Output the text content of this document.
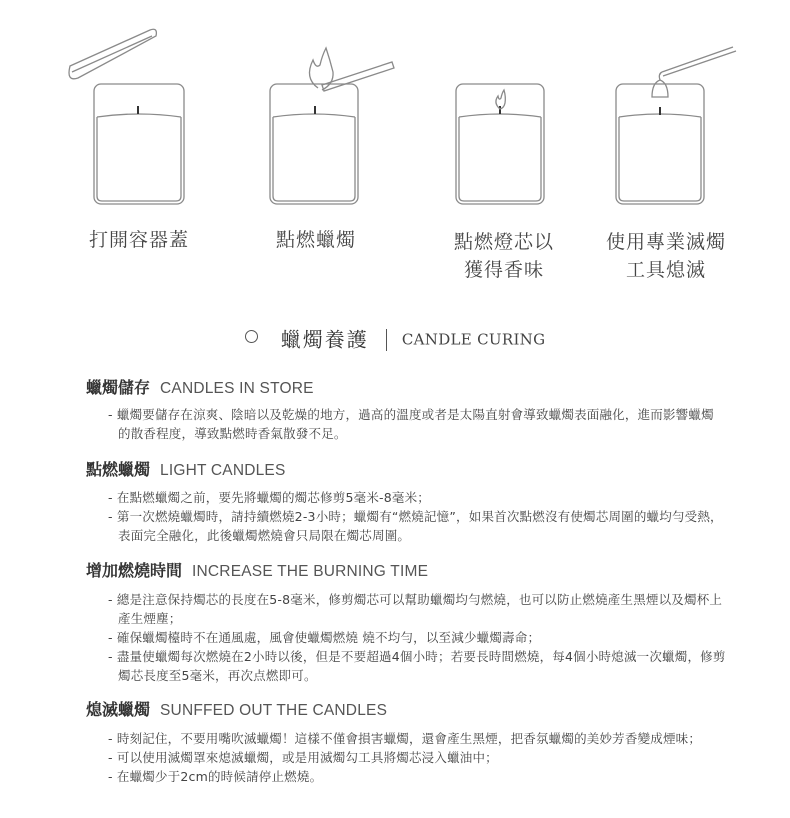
打開容器蓋	點燃蠟燭	點燃燈芯以
獲得香味
使用專業滅燭
工具熄滅
蠟燭養護 CANDLE CURING
蠟燭儲存 CANDLES IN STORE
- 蠟燭要儲存在涼爽、陰暗以及乾燥的地方，過高的溫度或者是太陽直射會導致蠟燭表面融化，進而影響蠟燭的散香程度，導致點燃時香氣散發不足。
點燃蠟燭 LIGHT CANDLES
- 在點燃蠟燭之前，要先將蠟燭的燭芯修剪5毫米-8毫米；
- 第一次燃燒蠟燭時，請持續燃燒2-3小時；蠟燭有“燃燒記憶”，如果首次點燃沒有使燭芯周圍的蠟均勻受熱，表面完全融化，此後蠟燭燃燒會只局限在燭芯周圍。
增加燃燒時間 INCREASE THE BURNING TIME
- 總是注意保持燭芯的長度在5-8毫米，修剪燭芯可以幫助蠟燭均勻燃燒，也可以防止燃燒產生黑煙以及燭杯上產生煙塵；
- 確保蠟燭檯時不在通風處，風會使蠟燭燃燒 燒不均勻，以至減少蠟燭壽命；
- 盡量使蠟燭每次燃燒在2小時以後，但是不要超過4個小時；若要長時間燃燒，每4個小時熄滅一次蠟燭，修剪燭芯長度至5毫米，再次点燃即可。
熄滅蠟燭 SUNFFED OUT THE CANDLES
- 時刻記住，不要用嘴吹滅蠟燭！這樣不僅會損害蠟燭，還會產生黑煙，把香氛蠟燭的美妙芳香變成煙味；
- 可以使用滅燭罩來熄滅蠟燭，或是用滅燭勾工具將燭芯浸入蠟油中；
- 在蠟燭少于2cm的時候請停止燃燒。
